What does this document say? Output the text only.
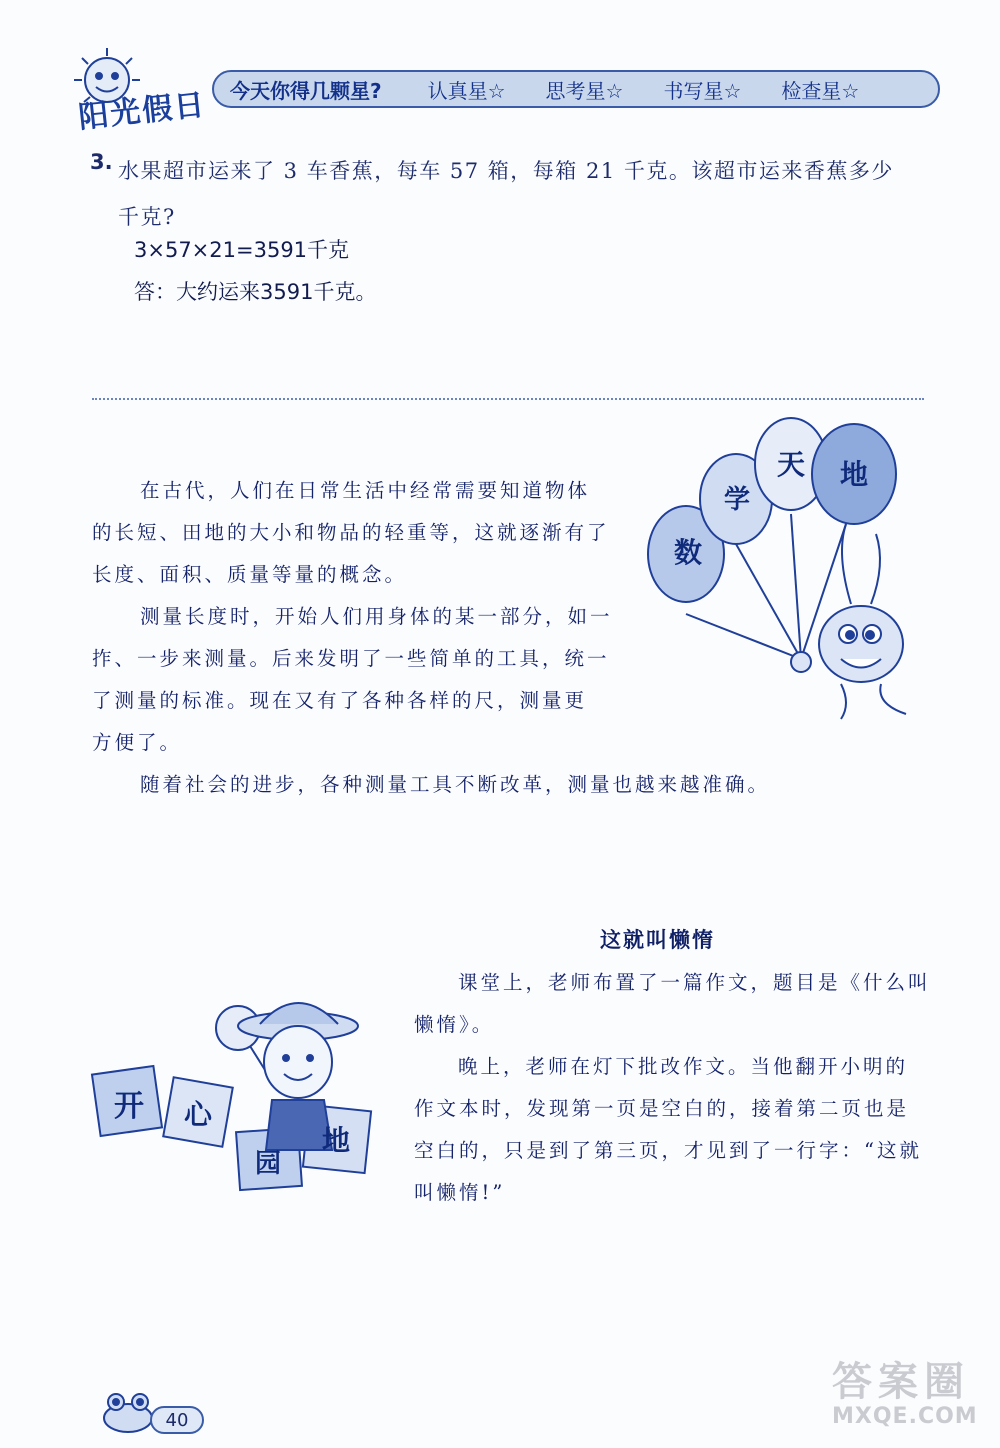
阳光假日 今天你得几颗星? 认真星☆ 思考星☆ 书写星☆ 检查星☆
3. 水果超市运来了 3 车香蕉，每车 57 箱，每箱 21 千克。该超市运来香蕉多少
千克?
3×57×21=3591千克
答：大约运来3591千克。
在古代，人们在日常生活中经常需要知道物体
的长短、田地的大小和物品的轻重等，这就逐渐有了
长度、面积、质量等量的概念。
测量长度时，开始人们用身体的某一部分，如一
拃、一步来测量。后来发明了一些简单的工具，统一
了测量的标准。现在又有了各种各样的尺，测量更
方便了。
随着社会的进步，各种测量工具不断改革，测量也越来越准确。
数
学
天 地
开 心
园
地
这就叫懒惰
课堂上，老师布置了一篇作文，题目是《什么叫
懒惰》。
晚上，老师在灯下批改作文。当他翻开小明的
作文本时，发现第一页是空白的，接着第二页也是
空白的，只是到了第三页，才见到了一行字：“这就
叫懒惰!”
40
答案圈
MXQE.COM
